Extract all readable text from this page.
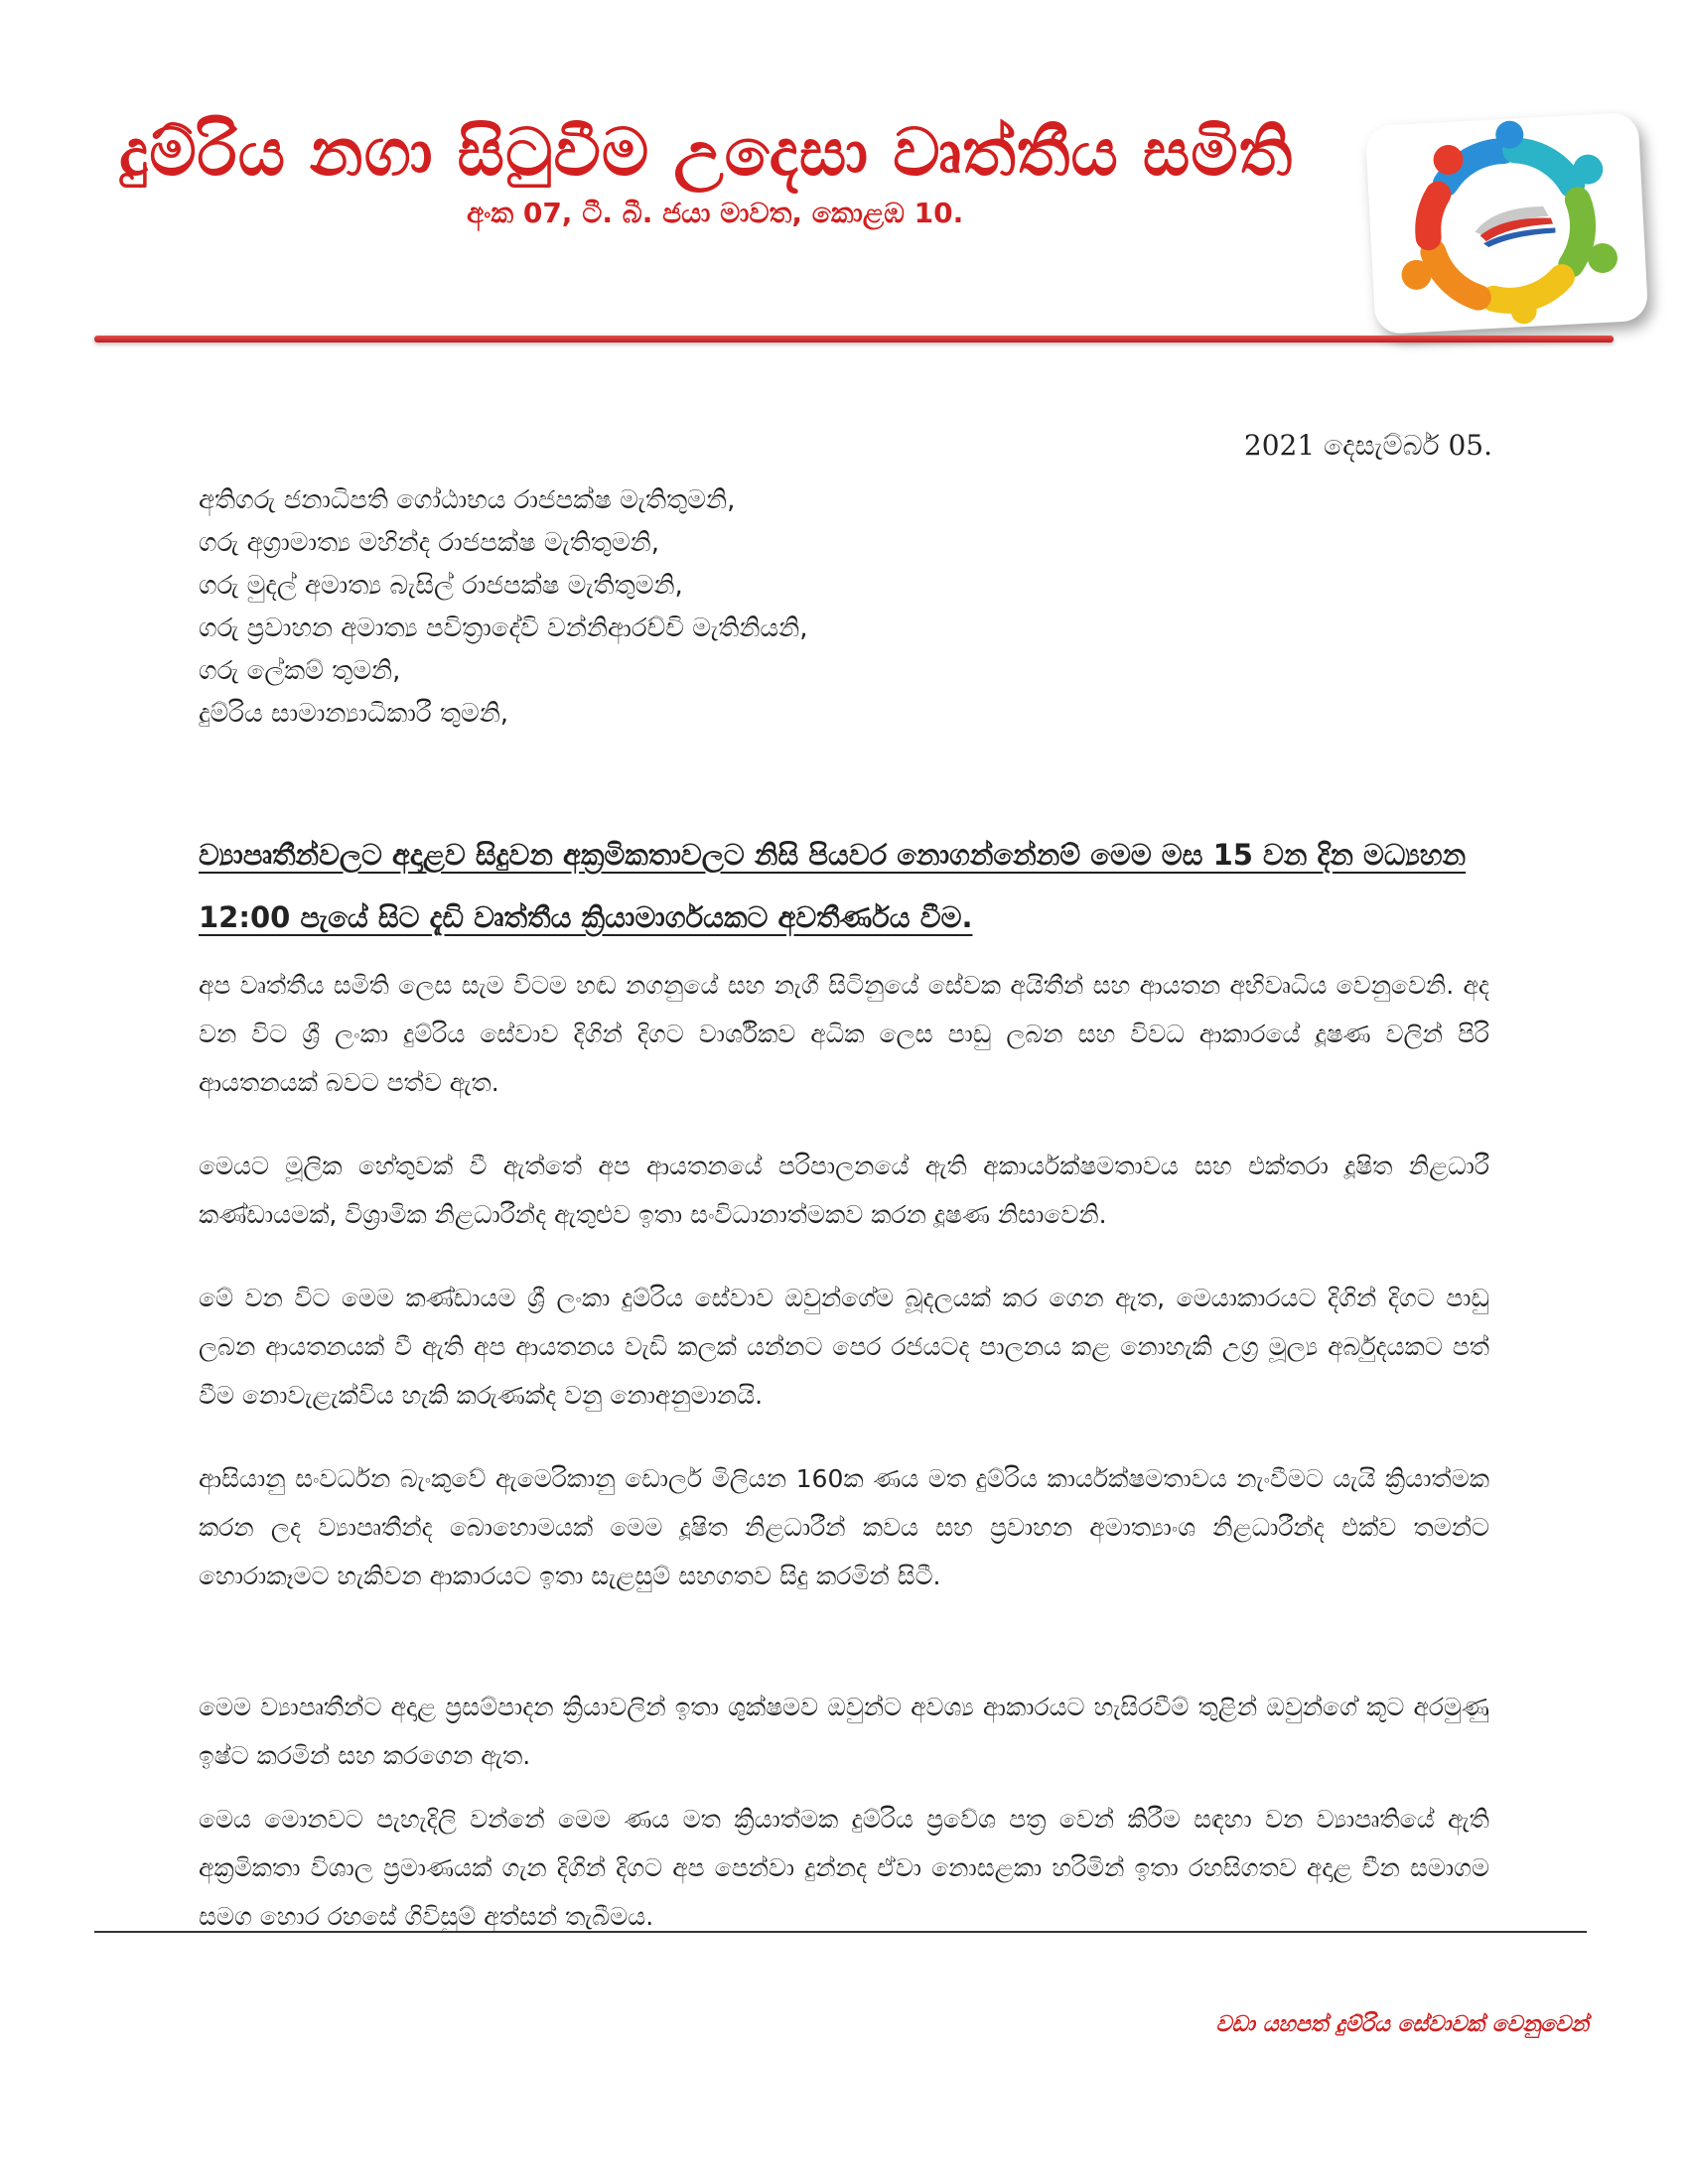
දුම්රිය නගා සිටුවීම උදෙසා වෘත්තීය සමිති
අංක 07, ටී. බී. ජයා මාවත, කොළඹ 10.
2021 දෙසැම්බර් 05.
අතිගරු ජනාධිපති ගෝඨාභය රාජපක්ෂ මැතිතුමනි,
ගරු අග්‍රාමාත්‍ය මහින්ද රාජපක්ෂ මැතිතුමනි,
ගරු මුදල් අමාත්‍ය බැසිල් රාජපක්ෂ මැතිතුමනි,
ගරු ප්‍රවාහන අමාත්‍ය පවිත්‍රාදේවි වන්නිආරච්චි මැතිනියනි,
ගරු ලේකම් තුමනි,
දුම්රිය සාමාන්‍යාධිකාරී තුමනි,
ව්‍යාපෘතීන්වලට අදාළව සිදුවන අක්‍රමිකතාවලට නිසි පියවර නොගන්නේනම් මෙම මස 15 වන දින මධ්‍යහන 12:00 පැයේ සිට දැඩි වෘත්තීය ක්‍රියාමාර්ගයකට අවතීර්ණය වීම.

අප වෘත්තීය සමිති ලෙස සැම විටම හඬ නගනුයේ සහ නැගී සිටිනුයේ සේවක අයිතීන් සහ ආයතන අභිවෘධිය වෙනුවෙනි. අද වන විට ශ්‍රී ලංකා දුම්රිය සේවාව දිගින් දිගට වාර්ශිකව අධික ලෙස පාඩු ලබන සහ විවධ ආකාරයේ දූෂණ වලින් පිරි ආයතනයක් බවට පත්ව ඇත.

මෙයට මූලික හේතුවක් වී ඇත්තේ අප ආයතනයේ පරිපාලනයේ ඇති අකාර්යක්ෂමතාවය සහ එක්තරා දූෂිත නිළධාරී කණ්ඩායමක්, විශ්‍රාමික නිළධාරීන්ද ඇතුළුව ඉතා සංවිධානාත්මකව කරන දූෂණ නිසාවෙනි.

මේ වන විට මෙම කණ්ඩායම ශ්‍රී ලංකා දුම්රිය සේවාව ඔවුන්ගේම බූදලයක් කර ගෙන ඇත, මෙයාකාරයට දිගින් දිගට පාඩු ලබන ආයතනයක් වී ඇති අප ආයතනය වැඩි කලක් යන්නට පෙර රජයටද පාලනය කළ නොහැකි උග්‍ර මූල්‍ය අර්බුදයකට පත් වීම නොවැළැක්විය හැකි කරුණක්ද වනු නොඅනුමානයි.

ආසියානු සංවර්ධන බැංකුවේ ඇමෙරිකානු ඩොලර් මිලියන 160ක ණය මත දුම්රිය කාර්යක්ෂමතාවය නැංවීමට යැයි ක්‍රියාත්මක කරන ලද ව්‍යාපෘතීන්ද බොහොමයක් මෙම දූෂිත නිළධාරීන් කවය සහ ප්‍රවාහන අමාත්‍යාංශ නිළධාරීන්ද එක්ව තමන්ට හොරාකෑමට හැකිවන ආකාරයට ඉතා සැළසුම් සහගතව සිදු කරමින් සිටී.

මෙම ව්‍යාපෘතීන්ට අදාළ ප්‍රසම්පාදන ක්‍රියාවලින් ඉතා ශුක්ෂමව ඔවුන්ට අවශ්‍ය ආකාරයට හැසිරවීම් තුළින් ඔවුන්ගේ කූට අරමුණු ඉෂ්ට කරමින් සහ කරගෙන ඇත.

මෙය මොනවට පැහැදිලි වන්නේ මෙම ණය මත ක්‍රියාත්මක දුම්රිය ප්‍රවේශ පත්‍ර වෙන් කිරීම සඳහා වන ව්‍යාපෘතියේ ඇති අක්‍රමිකතා විශාල ප්‍රමාණයක් ගැන දිගින් දිගට අප පෙන්වා දුන්නද ඒවා නොසළකා හරිමින් ඉතා රහසිගතව අදාළ චීන සමාගම සමග හොර රහසේ ගිවිසුම් අත්සන් තැබීමය.

වඩා යහපත් දුම්රිය සේවාවක් වෙනුවෙන්
